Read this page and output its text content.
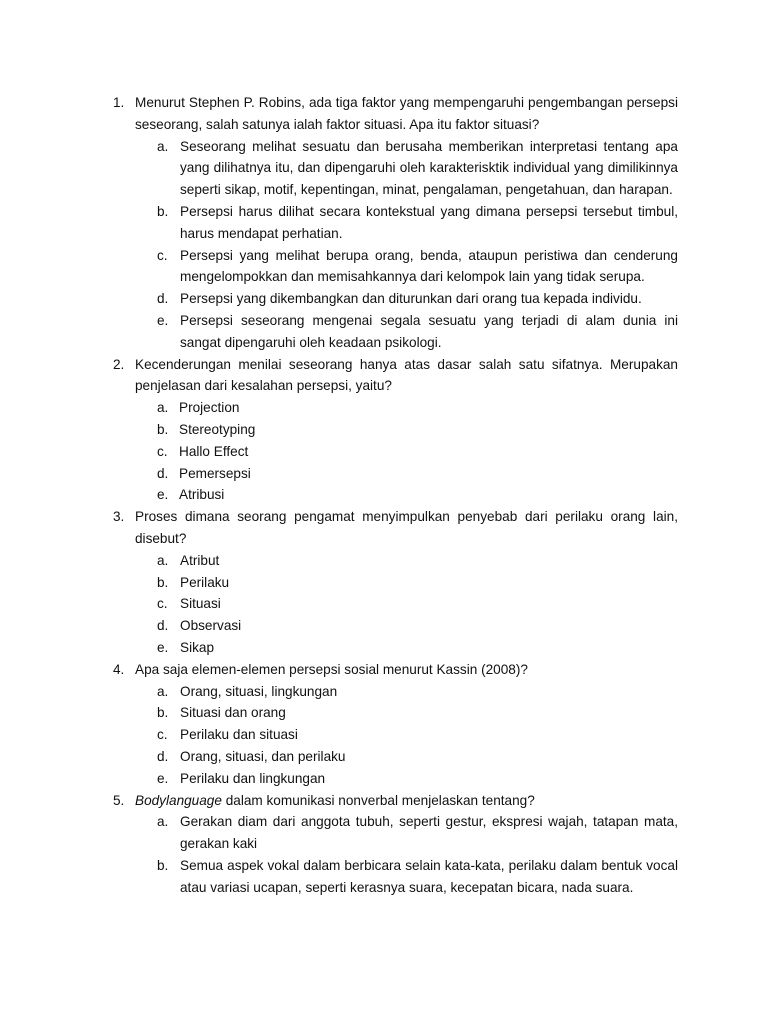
1. Menurut Stephen P. Robins, ada tiga faktor yang mempengaruhi pengembangan persepsi seseorang, salah satunya ialah faktor situasi. Apa itu faktor situasi?
a. Seseorang melihat sesuatu dan berusaha memberikan interpretasi tentang apa yang dilihatnya itu, dan dipengaruhi oleh karakterisktik individual yang dimilikinnya seperti sikap, motif, kepentingan, minat, pengalaman, pengetahuan, dan harapan.
b. Persepsi harus dilihat secara kontekstual yang dimana persepsi tersebut timbul, harus mendapat perhatian.
c. Persepsi yang melihat berupa orang, benda, ataupun peristiwa dan cenderung mengelompokkan dan memisahkannya dari kelompok lain yang tidak serupa.
d. Persepsi yang dikembangkan dan diturunkan dari orang tua kepada individu.
e. Persepsi seseorang mengenai segala sesuatu yang terjadi di alam dunia ini sangat dipengaruhi oleh keadaan psikologi.
2. Kecenderungan menilai seseorang hanya atas dasar salah satu sifatnya. Merupakan penjelasan dari kesalahan persepsi, yaitu?
a. Projection
b. Stereotyping
c. Hallo Effect
d. Pemersepsi
e. Atribusi
3. Proses dimana seorang pengamat menyimpulkan penyebab dari perilaku orang lain, disebut?
a. Atribut
b. Perilaku
c. Situasi
d. Observasi
e. Sikap
4. Apa saja elemen-elemen persepsi sosial menurut Kassin (2008)?
a. Orang, situasi, lingkungan
b. Situasi dan orang
c. Perilaku dan situasi
d. Orang, situasi, dan perilaku
e. Perilaku dan lingkungan
5. Bodylanguage dalam komunikasi nonverbal menjelaskan tentang?
a. Gerakan diam dari anggota tubuh, seperti gestur, ekspresi wajah, tatapan mata, gerakan kaki
b. Semua aspek vokal dalam berbicara selain kata-kata, perilaku dalam bentuk vocal atau variasi ucapan, seperti kerasnya suara, kecepatan bicara, nada suara.
